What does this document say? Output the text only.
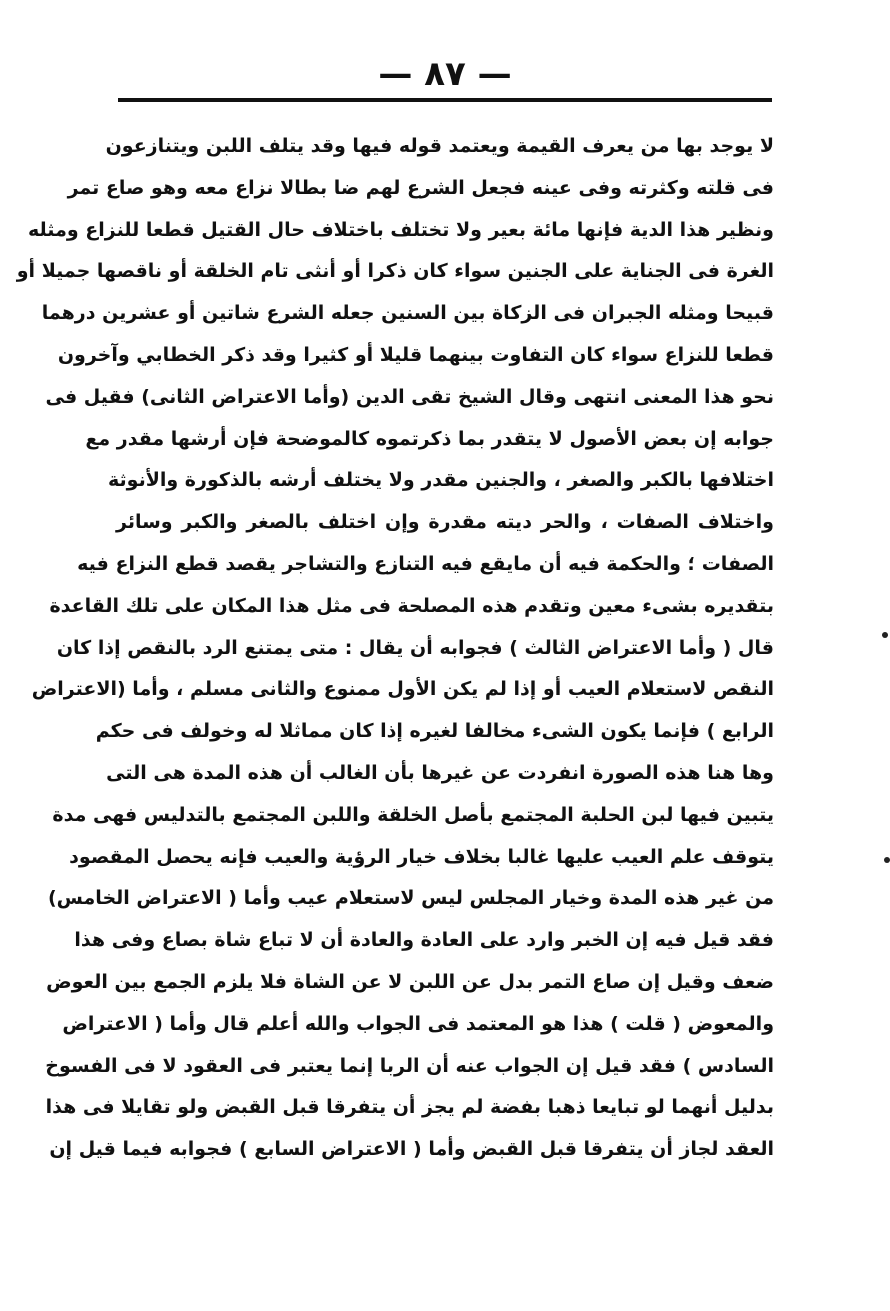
— ٨٧ —
لا يوجد بها من يعرف القيمة ويعتمد قوله فيها وقد يتلف اللبن ويتنازعون
فى قلته وكثرته وفى عينه فجعل الشرع لهم ضا بطالا نزاع معه وهو صاع تمر
ونظير هذا الدية فإنها مائة بعير ولا تختلف باختلاف حال القتيل قطعا للنزاع ومثله
الغرة فى الجناية على الجنين سواء كان ذكرا أو أنثى تام الخلقة أو ناقصها جميلا أو
قبيحا ومثله الجبران فى الزكاة بين السنين جعله الشرع شاتين أو عشرين درهما
قطعا للنزاع سواء كان التفاوت بينهما قليلا أو كثيرا وقد ذكر الخطابي وآخرون
نحو هذا المعنى انتهى وقال الشيخ تقى الدين (وأما الاعتراض الثانى) فقيل فى
جوابه إن بعض الأصول لا يتقدر بما ذكرتموه كالموضحة فإن أرشها مقدر مع
اختلافها بالكبر والصغر ، والجنين مقدر ولا يختلف أرشه بالذكورة والأنوثة
واختلاف الصفات ، والحر ديته مقدرة وإن اختلف بالصغر والكبر وسائر
الصفات ؛ والحكمة فيه أن مايقع فيه التنازع والتشاجر يقصد قطع النزاع فيه
بتقديره بشىء معين وتقدم هذه المصلحة فى مثل هذا المكان على تلك القاعدة
قال ( وأما الاعتراض الثالث ) فجوابه أن يقال : متى يمتنع الرد بالنقص إذا كان
النقص لاستعلام العيب أو إذا لم يكن الأول ممنوع والثانى مسلم ، وأما (الاعتراض
الرابع ) فإنما يكون الشىء مخالفا لغيره إذا كان مماثلا له وخولف فى حكم
وها هنا هذه الصورة انفردت عن غيرها بأن الغالب أن هذه المدة هى التى
يتبين فيها لبن الحلبة المجتمع بأصل الخلقة واللبن المجتمع بالتدليس فهى مدة
يتوقف علم العيب عليها غالبا بخلاف خيار الرؤية والعيب فإنه يحصل المقصود
من غير هذه المدة وخيار المجلس ليس لاستعلام عيب وأما ( الاعتراض الخامس)
فقد قيل فيه إن الخبر وارد على العادة والعادة أن لا تباع شاة بصاع وفى هذا
ضعف وقيل إن صاع التمر بدل عن اللبن لا عن الشاة فلا يلزم الجمع بين العوض
والمعوض ( قلت ) هذا هو المعتمد فى الجواب والله أعلم قال وأما ( الاعتراض
السادس ) فقد قيل إن الجواب عنه أن الربا إنما يعتبر فى العقود لا فى الفسوخ
بدليل أنهما لو تبايعا ذهبا بفضة لم يجز أن يتفرقا قبل القبض ولو تقايلا فى هذا
العقد لجاز أن يتفرقا قبل القبض وأما ( الاعتراض السابع ) فجوابه فيما قيل إن
